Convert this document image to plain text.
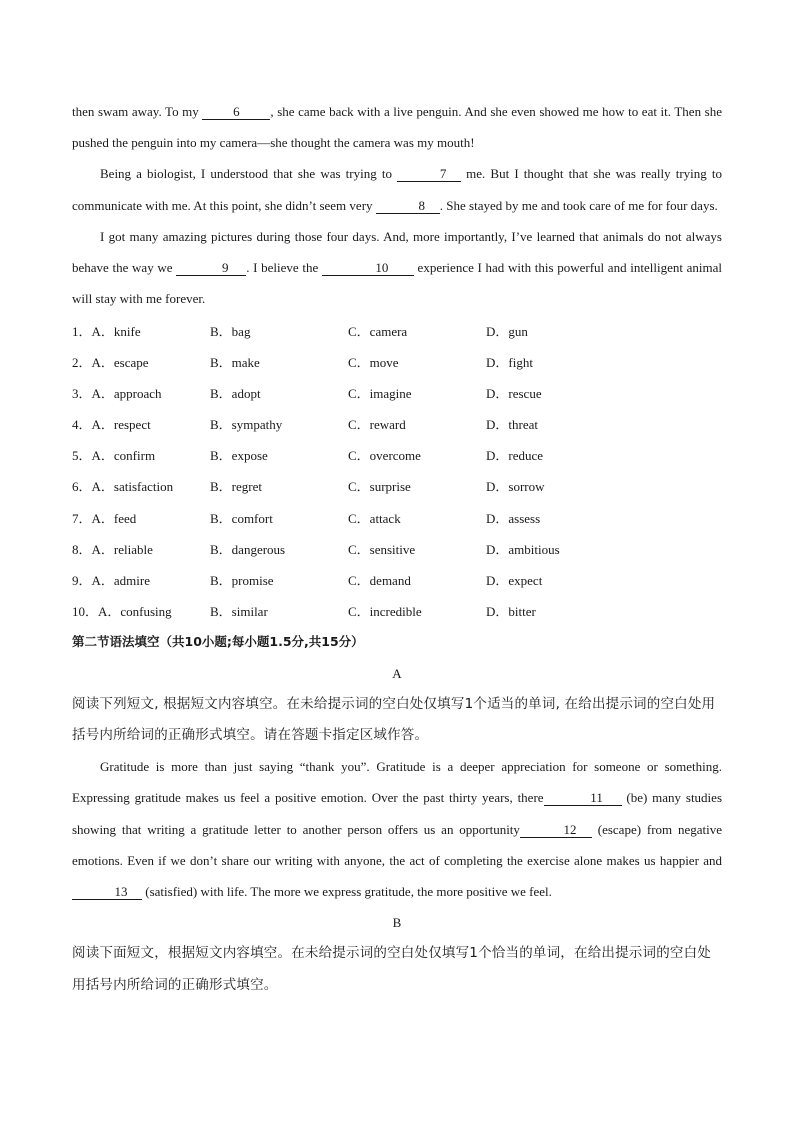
then swam away. To my 6 , she came back with a live penguin. And she even showed me how to eat it. Then she pushed the penguin into my camera—she thought the camera was my mouth!

Being a biologist, I understood that she was trying to	7 me. But I thought that she was really trying to communicate with me. At this point, she didn’t seem very	8 . She stayed by me and took care of me for four days.

I got many amazing pictures during those four days. And, more importantly, I’ve learned that animals do not always behave the way we	9 . I believe the	10 experience I had with this powerful and intelligent animal will stay with me forever.

1．A．knife	B．bag	C．camera	D．gun
2．A．escape	B．make	C．move	D．fight
3．A．approach	B．adopt	C．imagine	D．rescue
4．A．respect	B．sympathy	C．reward	D．threat
5．A．confirm	B．expose	C．overcome	D．reduce
6．A．satisfaction	B．regret	C．surprise	D．sorrow
7．A．feed	B．comfort	C．attack	D．assess
8．A．reliable	B．dangerous	C．sensitive	D．ambitious
9．A．admire	B．promise	C．demand	D．expect
10．A．confusing	B．similar	C．incredible	D．bitter

第二节语法填空（共10小题;每小题1.5分,共15分）

A

阅读下列短文, 根据短文内容填空。在未给提示词的空白处仅填写1个适当的单词, 在给出提示词的空白处用括号内所给词的正确形式填空。请在答题卡指定区域作答。

Gratitude is more than just saying “thank you”. Gratitude is a deeper appreciation for someone or something. Expressing gratitude makes us feel a positive emotion. Over the past thirty years, there	11 (be) many studies showing that writing a gratitude letter to another person offers us an opportunity	12 (escape) from negative emotions. Even if we don’t share our writing with anyone, the act of completing the exercise alone makes us happier and13 (satisfied) with life. The more we express gratitude, the more positive we feel.

B

阅读下面短文，根据短文内容填空。在未给提示词的空白处仅填写1个恰当的单词，在给出提示词的空白处用括号内所给词的正确形式填空。
